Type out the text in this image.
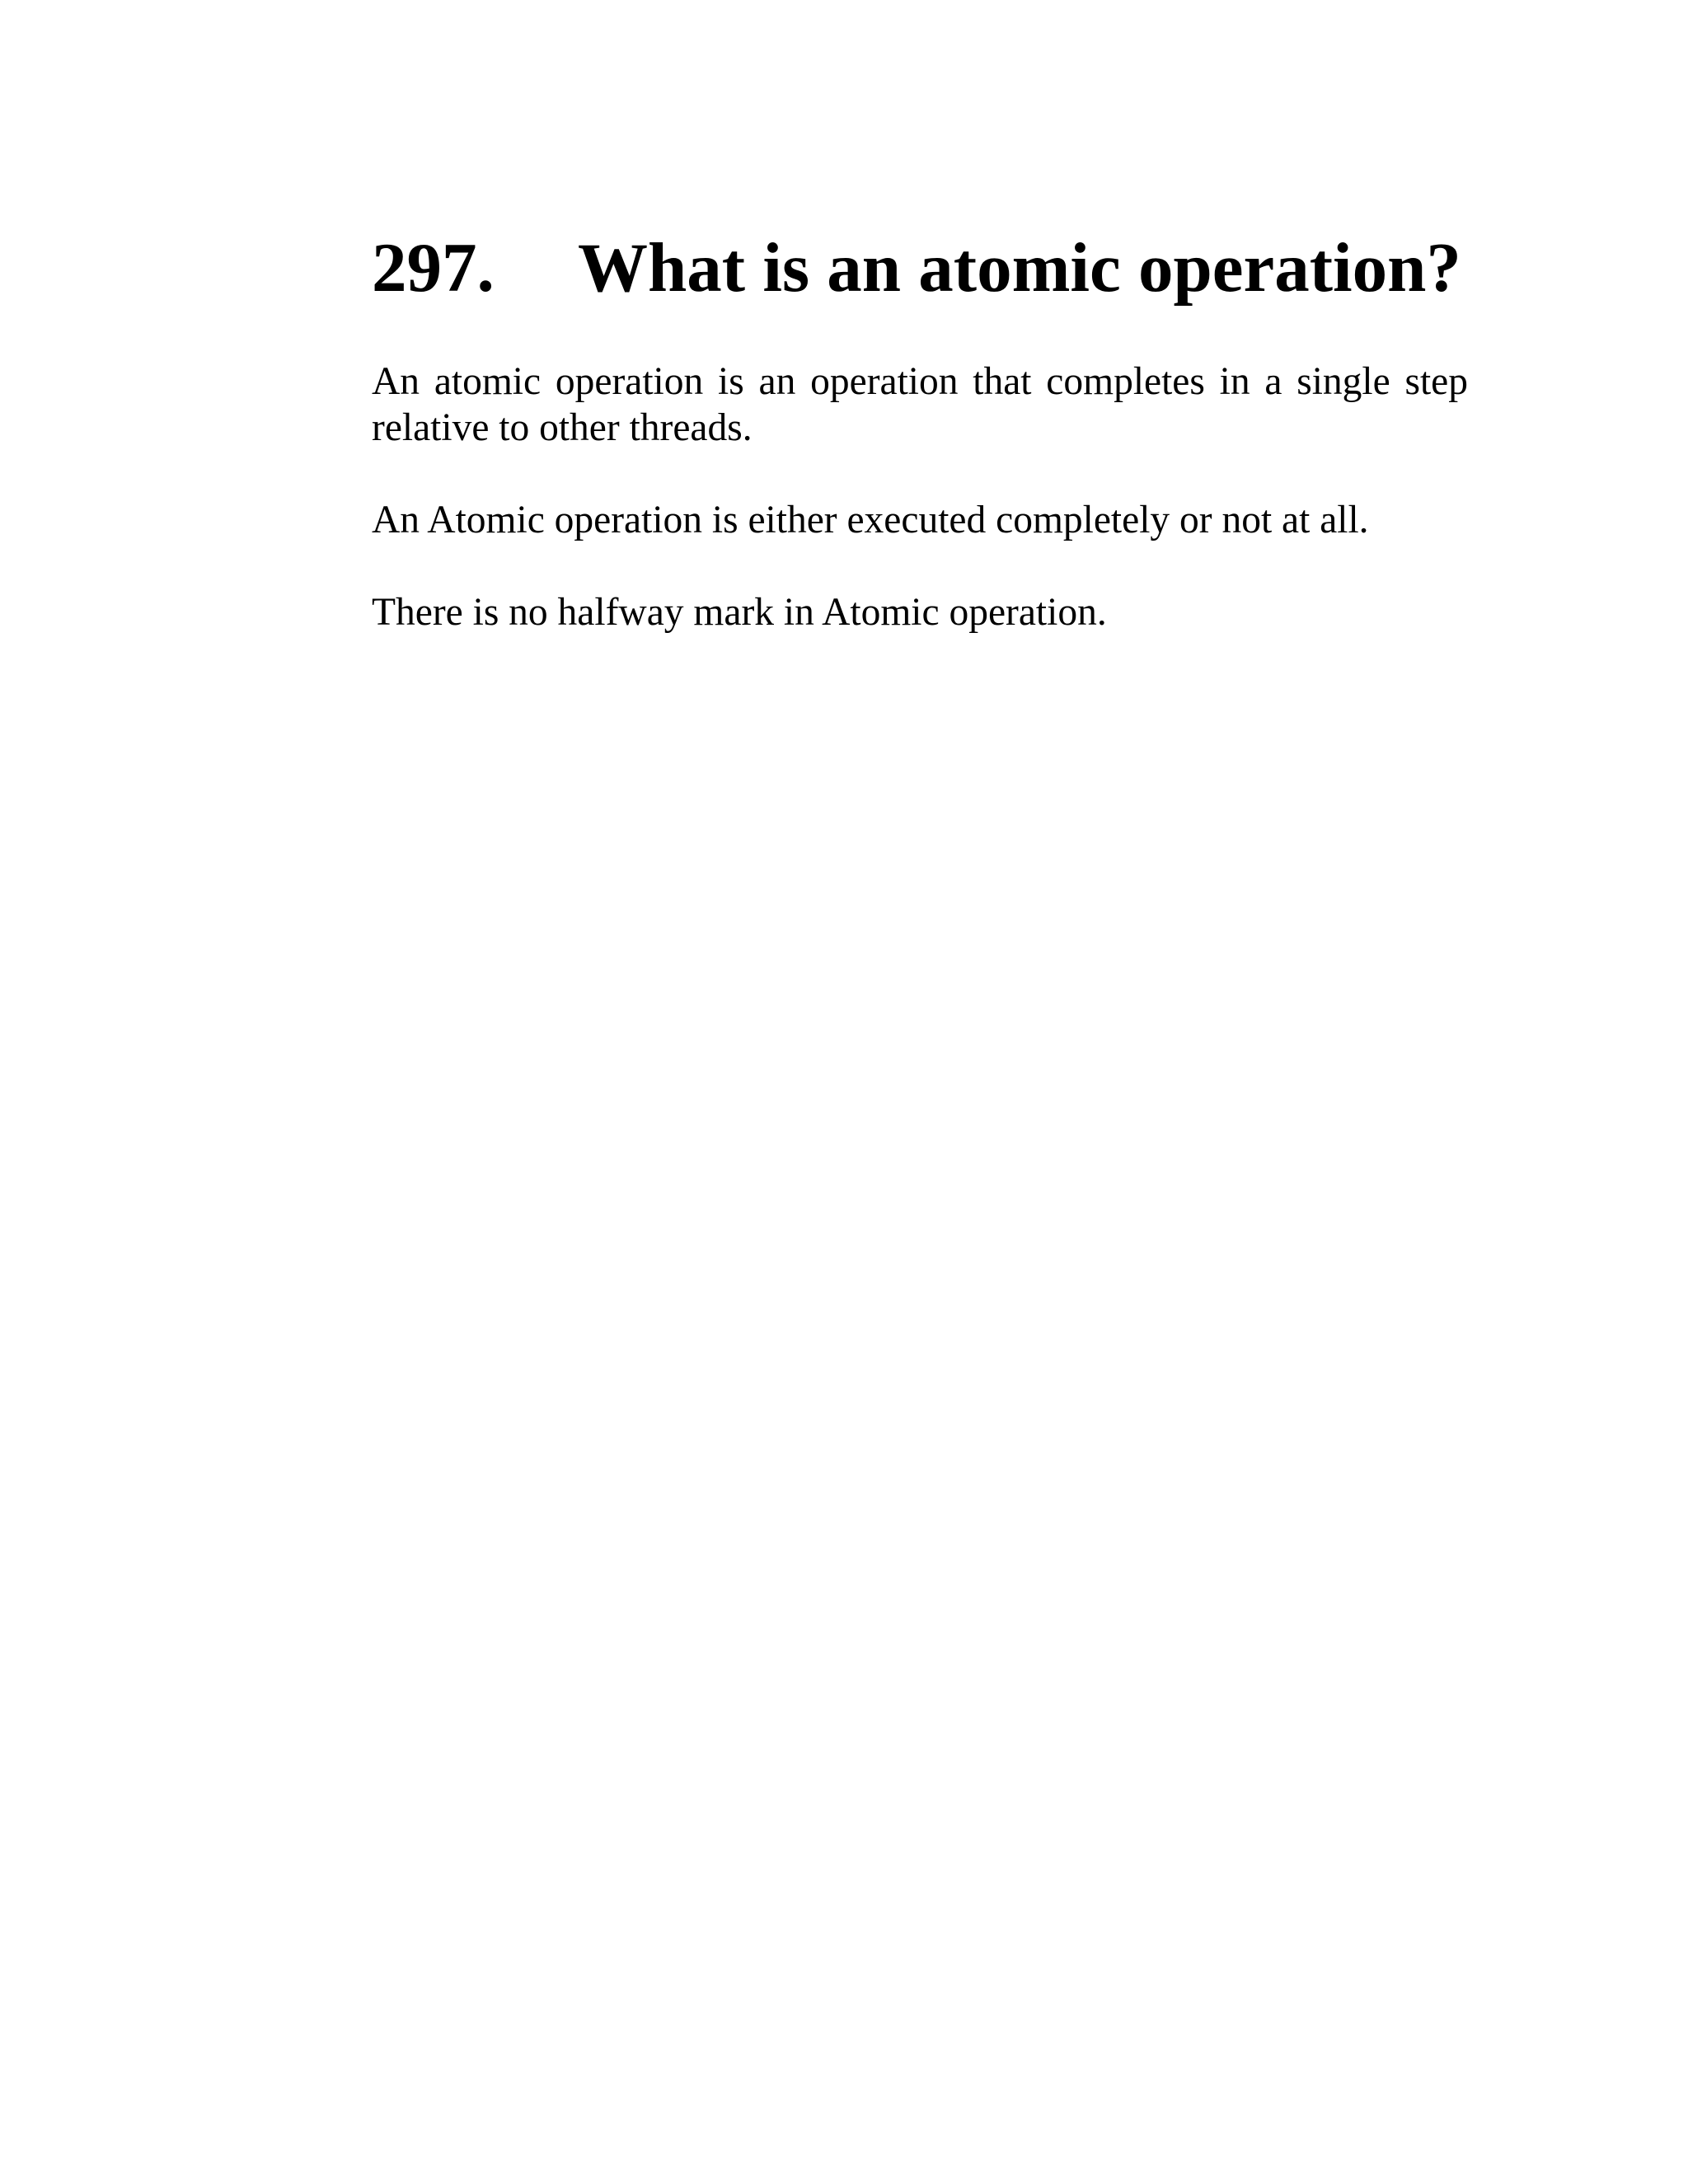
297. What is an atomic operation?

An atomic operation is an operation that completes in a single step relative to other threads.

An Atomic operation is either executed completely or not at all.

There is no halfway mark in Atomic operation.
